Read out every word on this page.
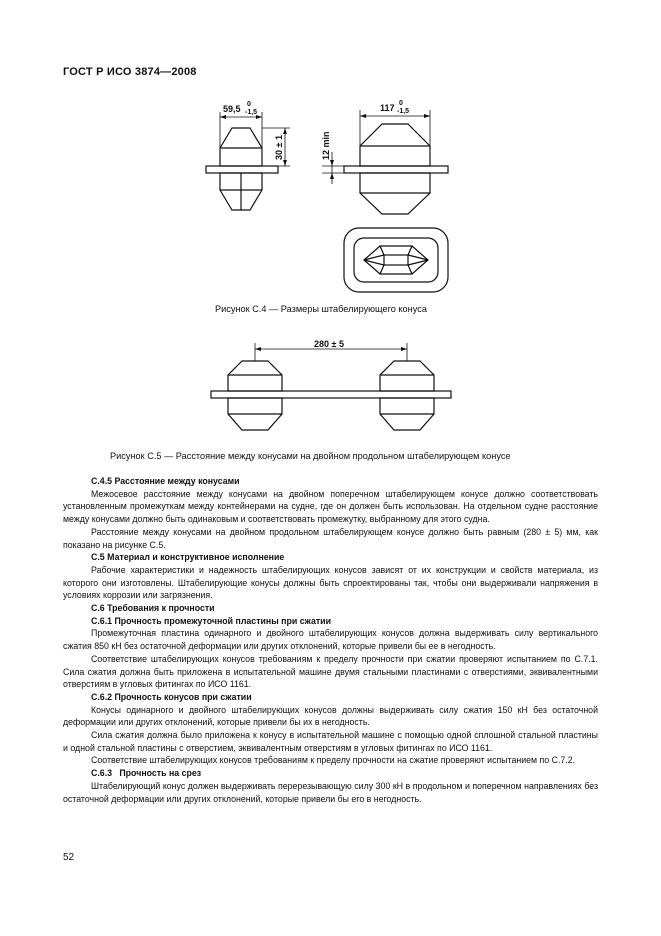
ГОСТ Р ИСО 3874—2008
59,5 0
-1,5
30 ± 1
117 0
-1,5
12 min
Рисунок С.4 — Размеры штабелирующего конуса
280 ± 5
Рисунок С.5 — Расстояние между конусами на двойном продольном штабелирующем конусе

С.4.5 Расстояние между конусами

Межосевое расстояние между конусами на двойном поперечном штабелирующем конусе должно соответствовать установленным промежуткам между контейнерами на судне, где он должен быть использован. На отдельном судне расстояние между конусами должно быть одинаковым и соответствовать промежутку, выбранному для этого судна.

Расстояние между конусами на двойном продольном штабелирующем конусе должно быть равным (280 ± 5) мм, как показано на рисунке С.5.

С.5 Материал и конструктивное исполнение

Рабочие характеристики и надежность штабелирующих конусов зависят от их конструкции и свойств материала, из которого они изготовлены. Штабелирующие конусы должны быть спроектированы так, чтобы они выдерживали напряжения в условиях коррозии или загрязнения.

С.6 Требования к прочности

С.6.1 Прочность промежуточной пластины при сжатии

Промежуточная пластина одинарного и двойного штабелирующих конусов должна выдерживать силу вертикального сжатия 850 кН без остаточной деформации или других отклонений, которые привели бы ее в негодность.

Соответствие штабелирующих конусов требованиям к пределу прочности при сжатии проверяют испытанием по С.7.1. Сила сжатия должна быть приложена в испытательной машине двумя стальными пластинами с отверстиями, эквивалентными отверстиям в угловых фитингах по ИСО 1161.

С.6.2 Прочность конусов при сжатии

Конусы одинарного и двойного штабелирующих конусов должны выдерживать силу сжатия 150 кН без остаточной деформации или других отклонений, которые привели бы их в негодность.

Сила сжатия должна было приложена к конусу в испытательной машине с помощью одной сплошной стальной пластины и одной стальной пластины с отверстием, эквивалентным отверстиям в угловых фитингах по ИСО 1161.

Соответствие штабелирующих конусов требованиям к пределу прочности на сжатие проверяют испытанием по С.7.2.

С.6.3   Прочность на срез

Штабелирующий конус должен выдерживать перерезывающую силу 300 кН в продольном и поперечном направлениях без остаточной деформации или других отклонений, которые привели бы его в негодность.

52
